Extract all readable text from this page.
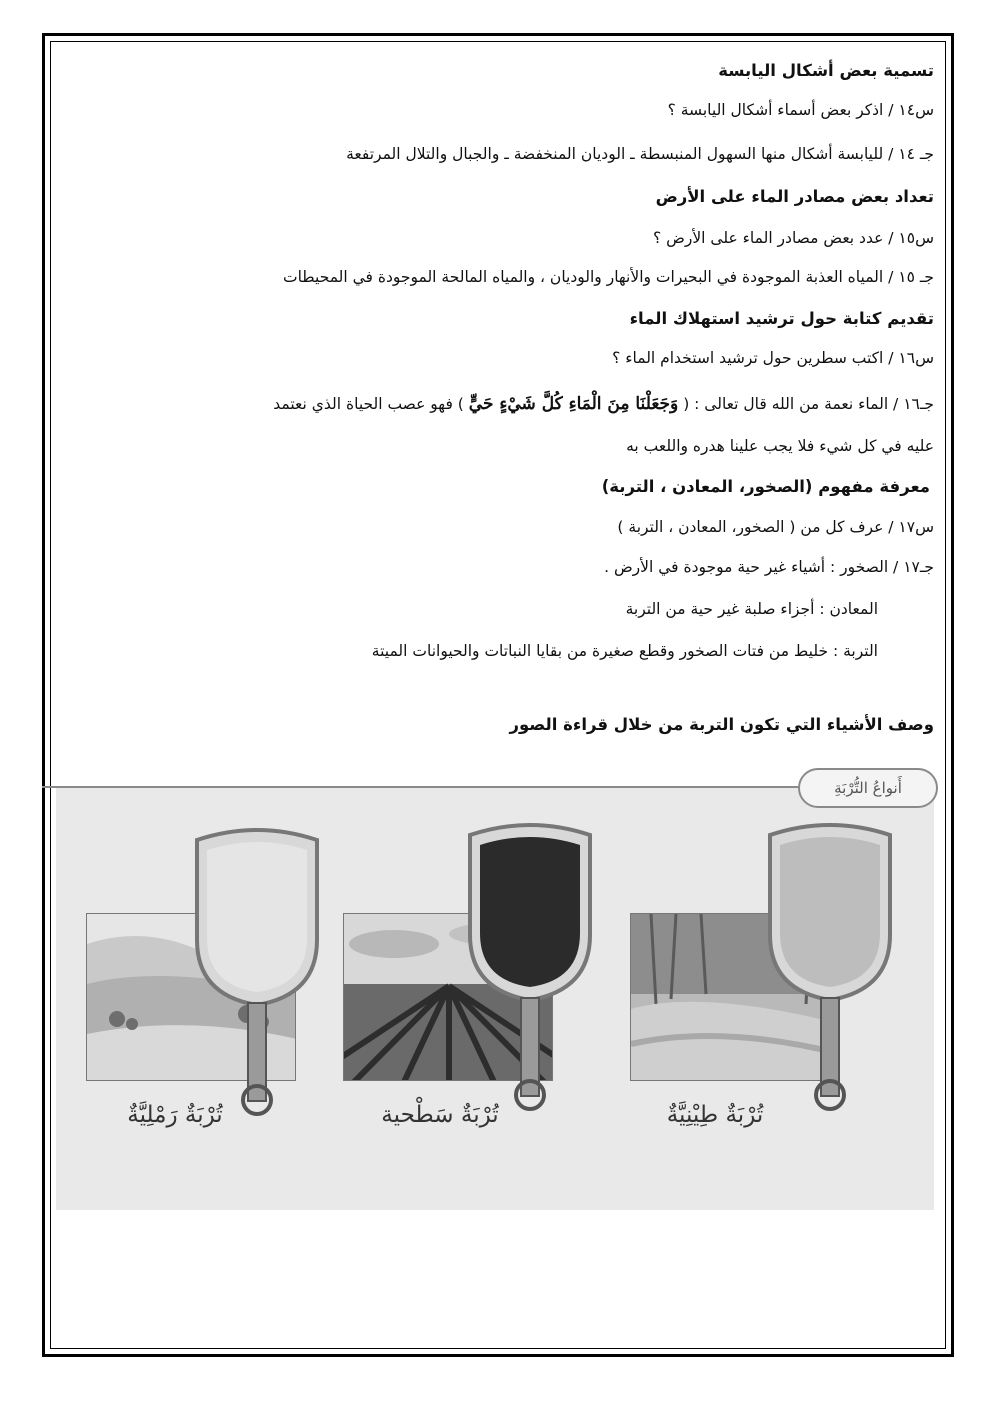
تسمية بعض أشكال اليابسة
س١٤ / اذكر بعض أسماء أشكال اليابسة ؟
جـ ١٤ / لليابسة أشكال منها السهول المنبسطة ـ الوديان المنخفضة ـ والجبال والتلال المرتفعة
تعداد بعض مصادر الماء على الأرض
س١٥ / عدد بعض مصادر الماء على الأرض ؟
جـ ١٥ / المياه العذبة الموجودة في البحيرات والأنهار والوديان ، والمياه المالحة الموجودة في المحيطات
تقديم كتابة حول ترشيد استهلاك الماء
س١٦ / اكتب سطرين حول ترشيد استخدام الماء ؟
جـ١٦ / الماء نعمة من الله قال تعالى : ( وَجَعَلْنَا مِنَ الْمَاءِ كُلَّ شَيْءٍ حَيٍّ ) فهو عصب الحياة الذي نعتمد
عليه في كل شيء فلا يجب علينا هدره واللعب به
معرفة مفهوم (الصخور، المعادن ، التربة)
س١٧ / عرف كل من ( الصخور، المعادن ، التربة )
جـ١٧ / الصخور : أشياء غير حية موجودة في الأرض .
المعادن : أجزاء صلبة غير حية من التربة
التربة : خليط من فتات الصخور وقطع صغيرة من بقايا النباتات والحيوانات الميتة
وصف الأشياء التي تكون التربة من خلال قراءة الصور
أَنواعُ التُّرْبَةِ
تُرْبَةٌ طِيْنِيَّةٌ
تُرْبَةٌ سَطْحية
تُرْبَةٌ رَمْلِيَّةٌ
